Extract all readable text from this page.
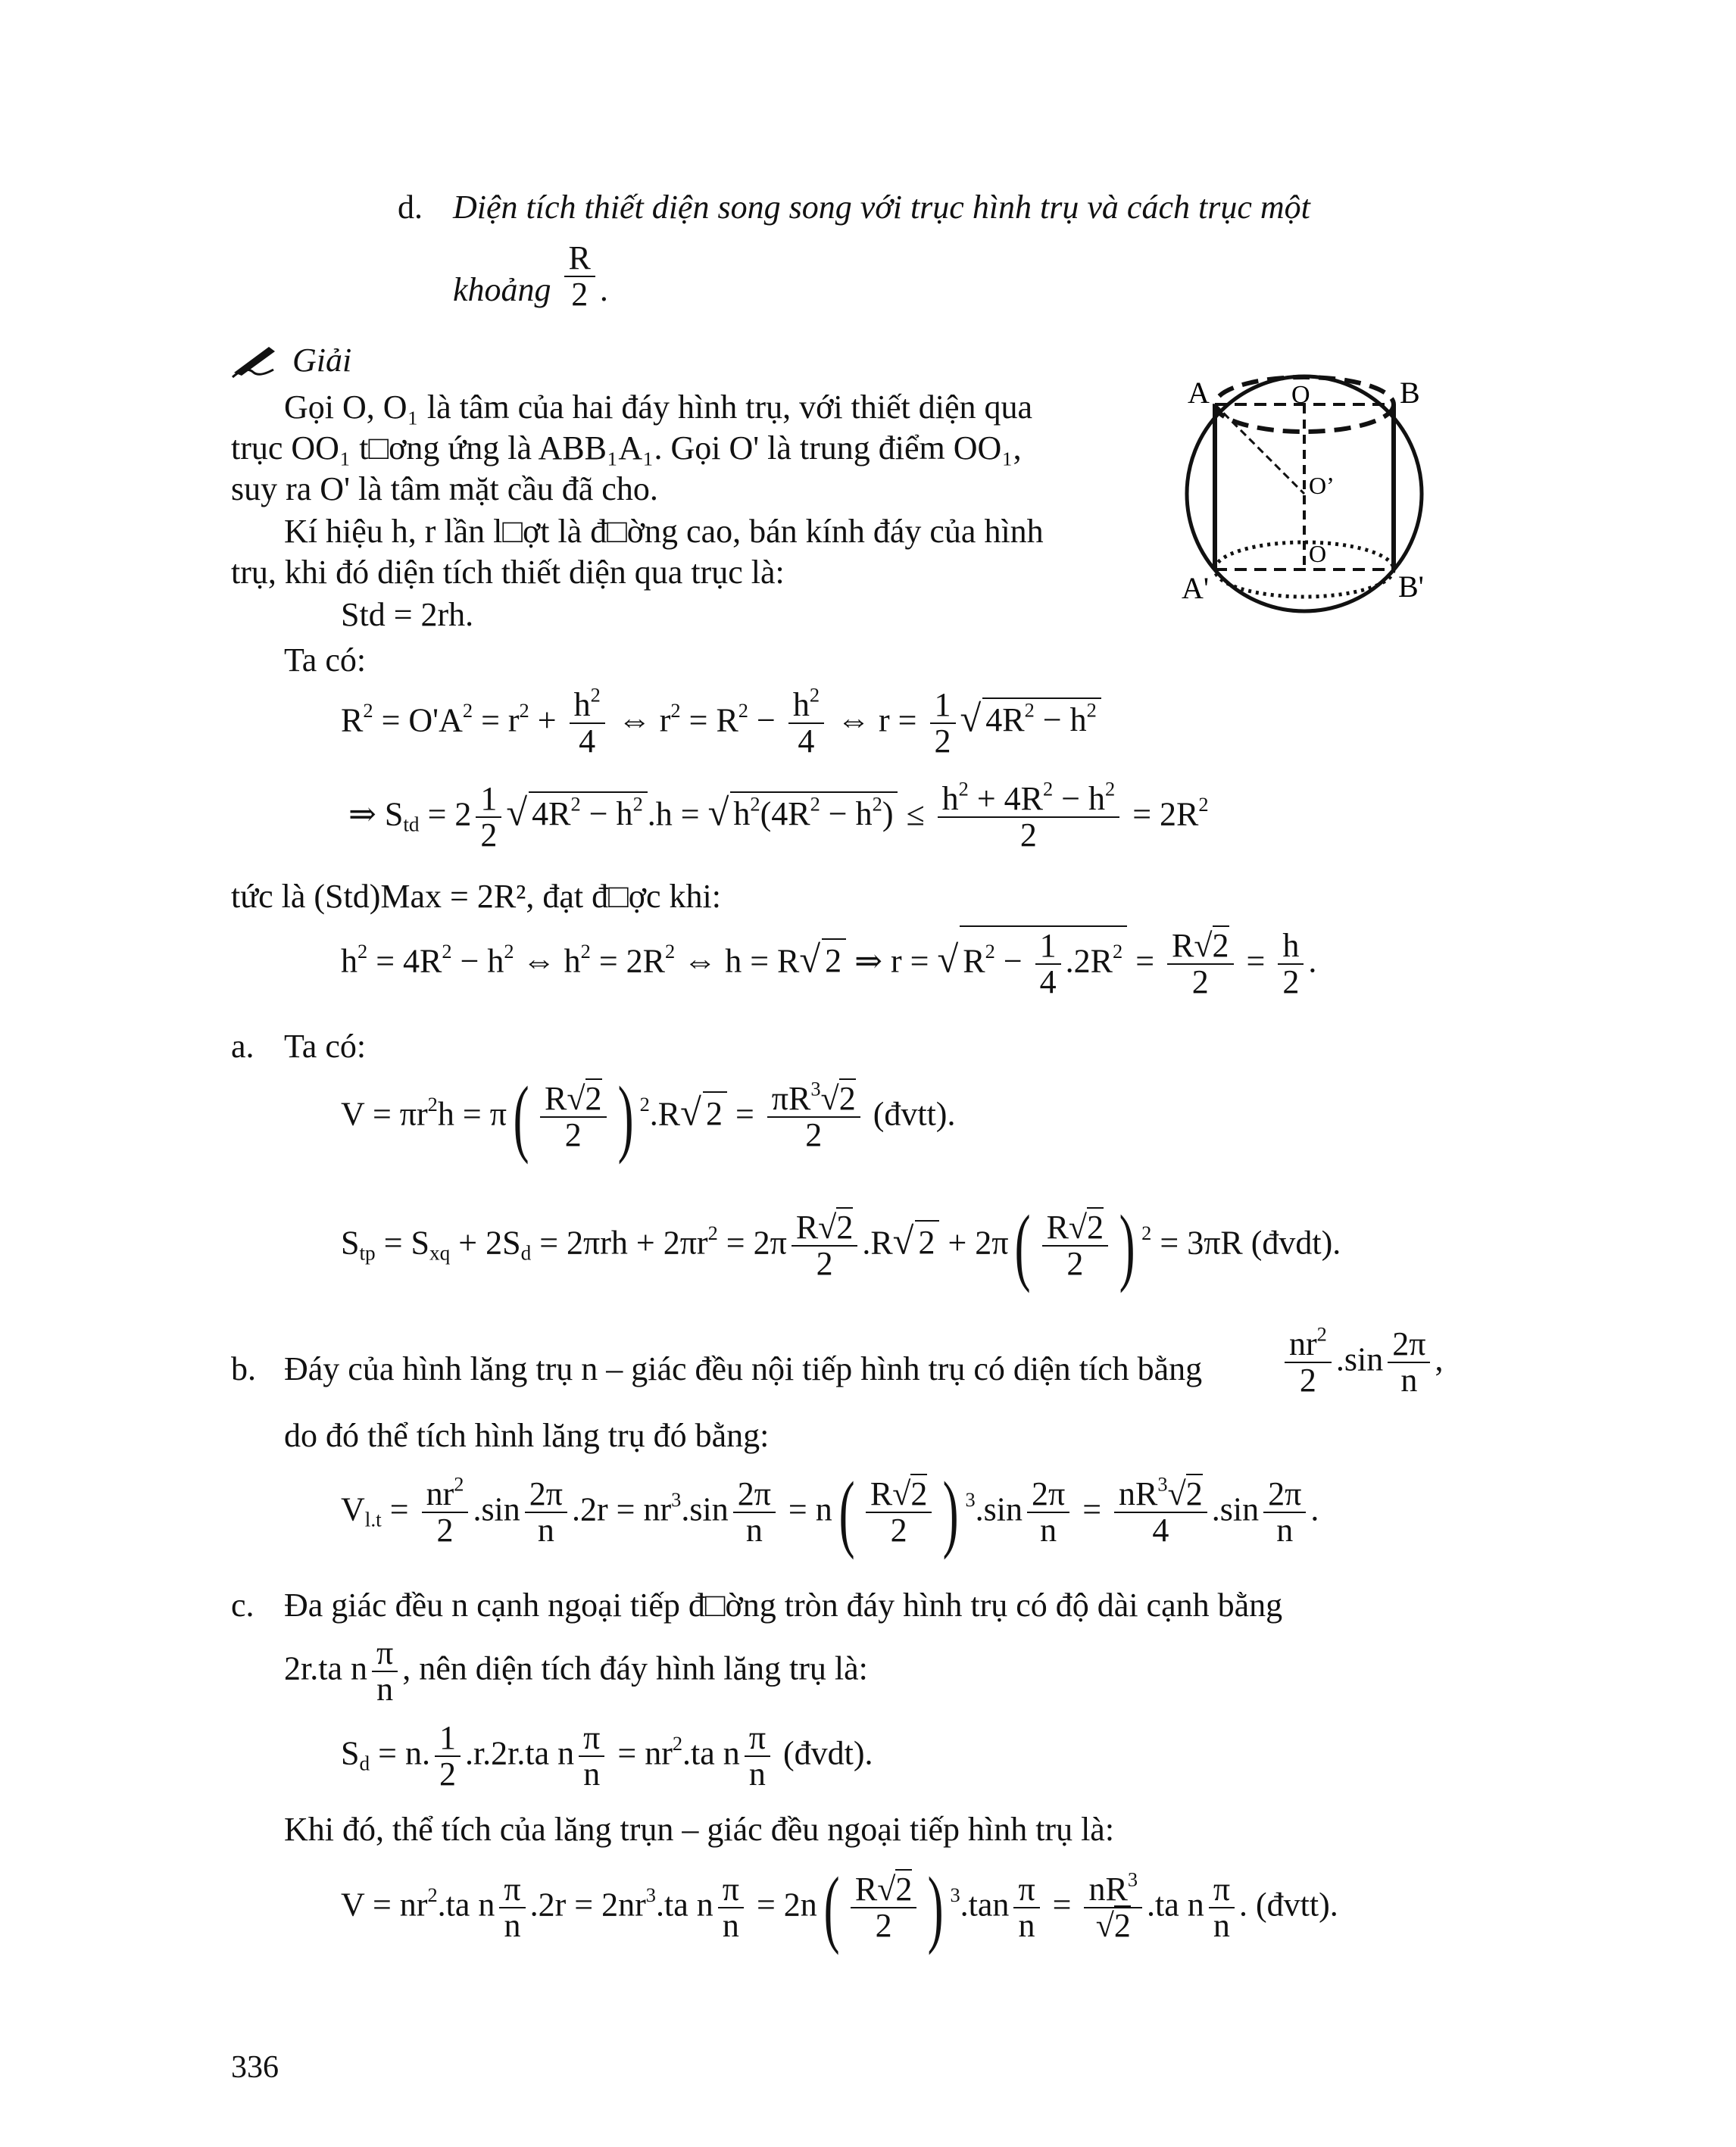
d. Diện tích thiết diện song song với trục hình trụ và cách trục một
khoảng $\frac{R}{2}$ .
Giải
Gọi O, O₁ là tâm của hai đáy hình trụ, với thiết diện qua
trục OO₁ t□ơng ứng là ABB₁A₁. Gọi O' là trung điểm OO₁,
suy ra O' là tâm mặt cầu đã cho.
Kí hiệu h, r lần l□ợt là đ□ờng cao, bán kính đáy của hình
trụ, khi đó diện tích thiết diện qua trục là:
Std = 2rh.
Ta có:
A	O	B
O’
O
A'	B'
$R^2 = O'A^2 = r^2 + \frac{h^2}{4}$ ⇔ $r^2 = R^2 - \frac{h^2}{4}$ ⇔ $r = \frac{1}{2}$ √ $4R^2 - h^2$
⇒ $S_{td} = 2 \frac{1}{2}$ √ $4R^2 - h^2$ .h = √ $h^2(4R^2 - h^2) \le \frac{h^2 + 4R^2 - h^2}{2} = 2R^2$
tức là (Std)Max = 2R², đạt đ□ợc khi:
$h^2 = 4R^2 - h^2$ ⇔ $h^2 = 2R^2$ ⇔ h = R√ 2 ⇒ r = √ $R^2 - \frac{1}{4} .2R^2 = \frac{R√2}{2} = \frac{h}{2}$ .
a. Ta có:
$V = \pi r^2h = \pi( \frac{R√2}{2}$ ) $^2$.R√ $2 = \frac{\pi R^3√2}{2}$ (đvtt).
$S_{tp} = S_{xq} + 2S_d = 2\pi rh + 2\pi r^2 = 2\pi \frac{R√2}{2} .R√$ $2 + 2\pi( \frac{R√2}{2}$ ) $^2$ = 3πR (đvdt).
b. Đáy của hình lăng trụ n – giác đều nội tiếp hình trụ có diện tích bằng $\frac{nr^2}{2} .\sin \frac{2\pi}{n}$ ,
do đó thể tích hình lăng trụ đó bằng:
$V_{l.t} = \frac{nr^2}{2} .\sin \frac{2\pi}{n} .2r = nr^3.\sin \frac{2\pi}{n} = n( \frac{R√2}{2}$ ) $^3.\sin \frac{2\pi}{n} = \frac{nR^3√2}{4} .\sin \frac{2\pi}{n}$ .
c. Đa giác đều n cạnh ngoại tiếp đ□ờng tròn đáy hình trụ có độ dài cạnh bằng
2r.ta n $\frac{\pi}{n}$ , nên diện tích đáy hình lăng trụ là:
$S_d = n$. $\frac{1}{2} .r.2r.ta$ n $\frac{\pi}{n} = nr^2.ta$ n $\frac{\pi}{n}$ (đvdt).
Khi đó, thể tích của lăng trụn – giác đều ngoại tiếp hình trụ là:
$V = nr^2.ta$ n $\frac{\pi}{n} .2r = 2nr^3.ta$ n $\frac{\pi}{n} = 2n( \frac{R√2}{2}$ ) $^3.\tan \frac{\pi}{n} = \frac{nR^3}{√2} .ta$ n $\frac{\pi}{n}$ . (đvtt).
336
